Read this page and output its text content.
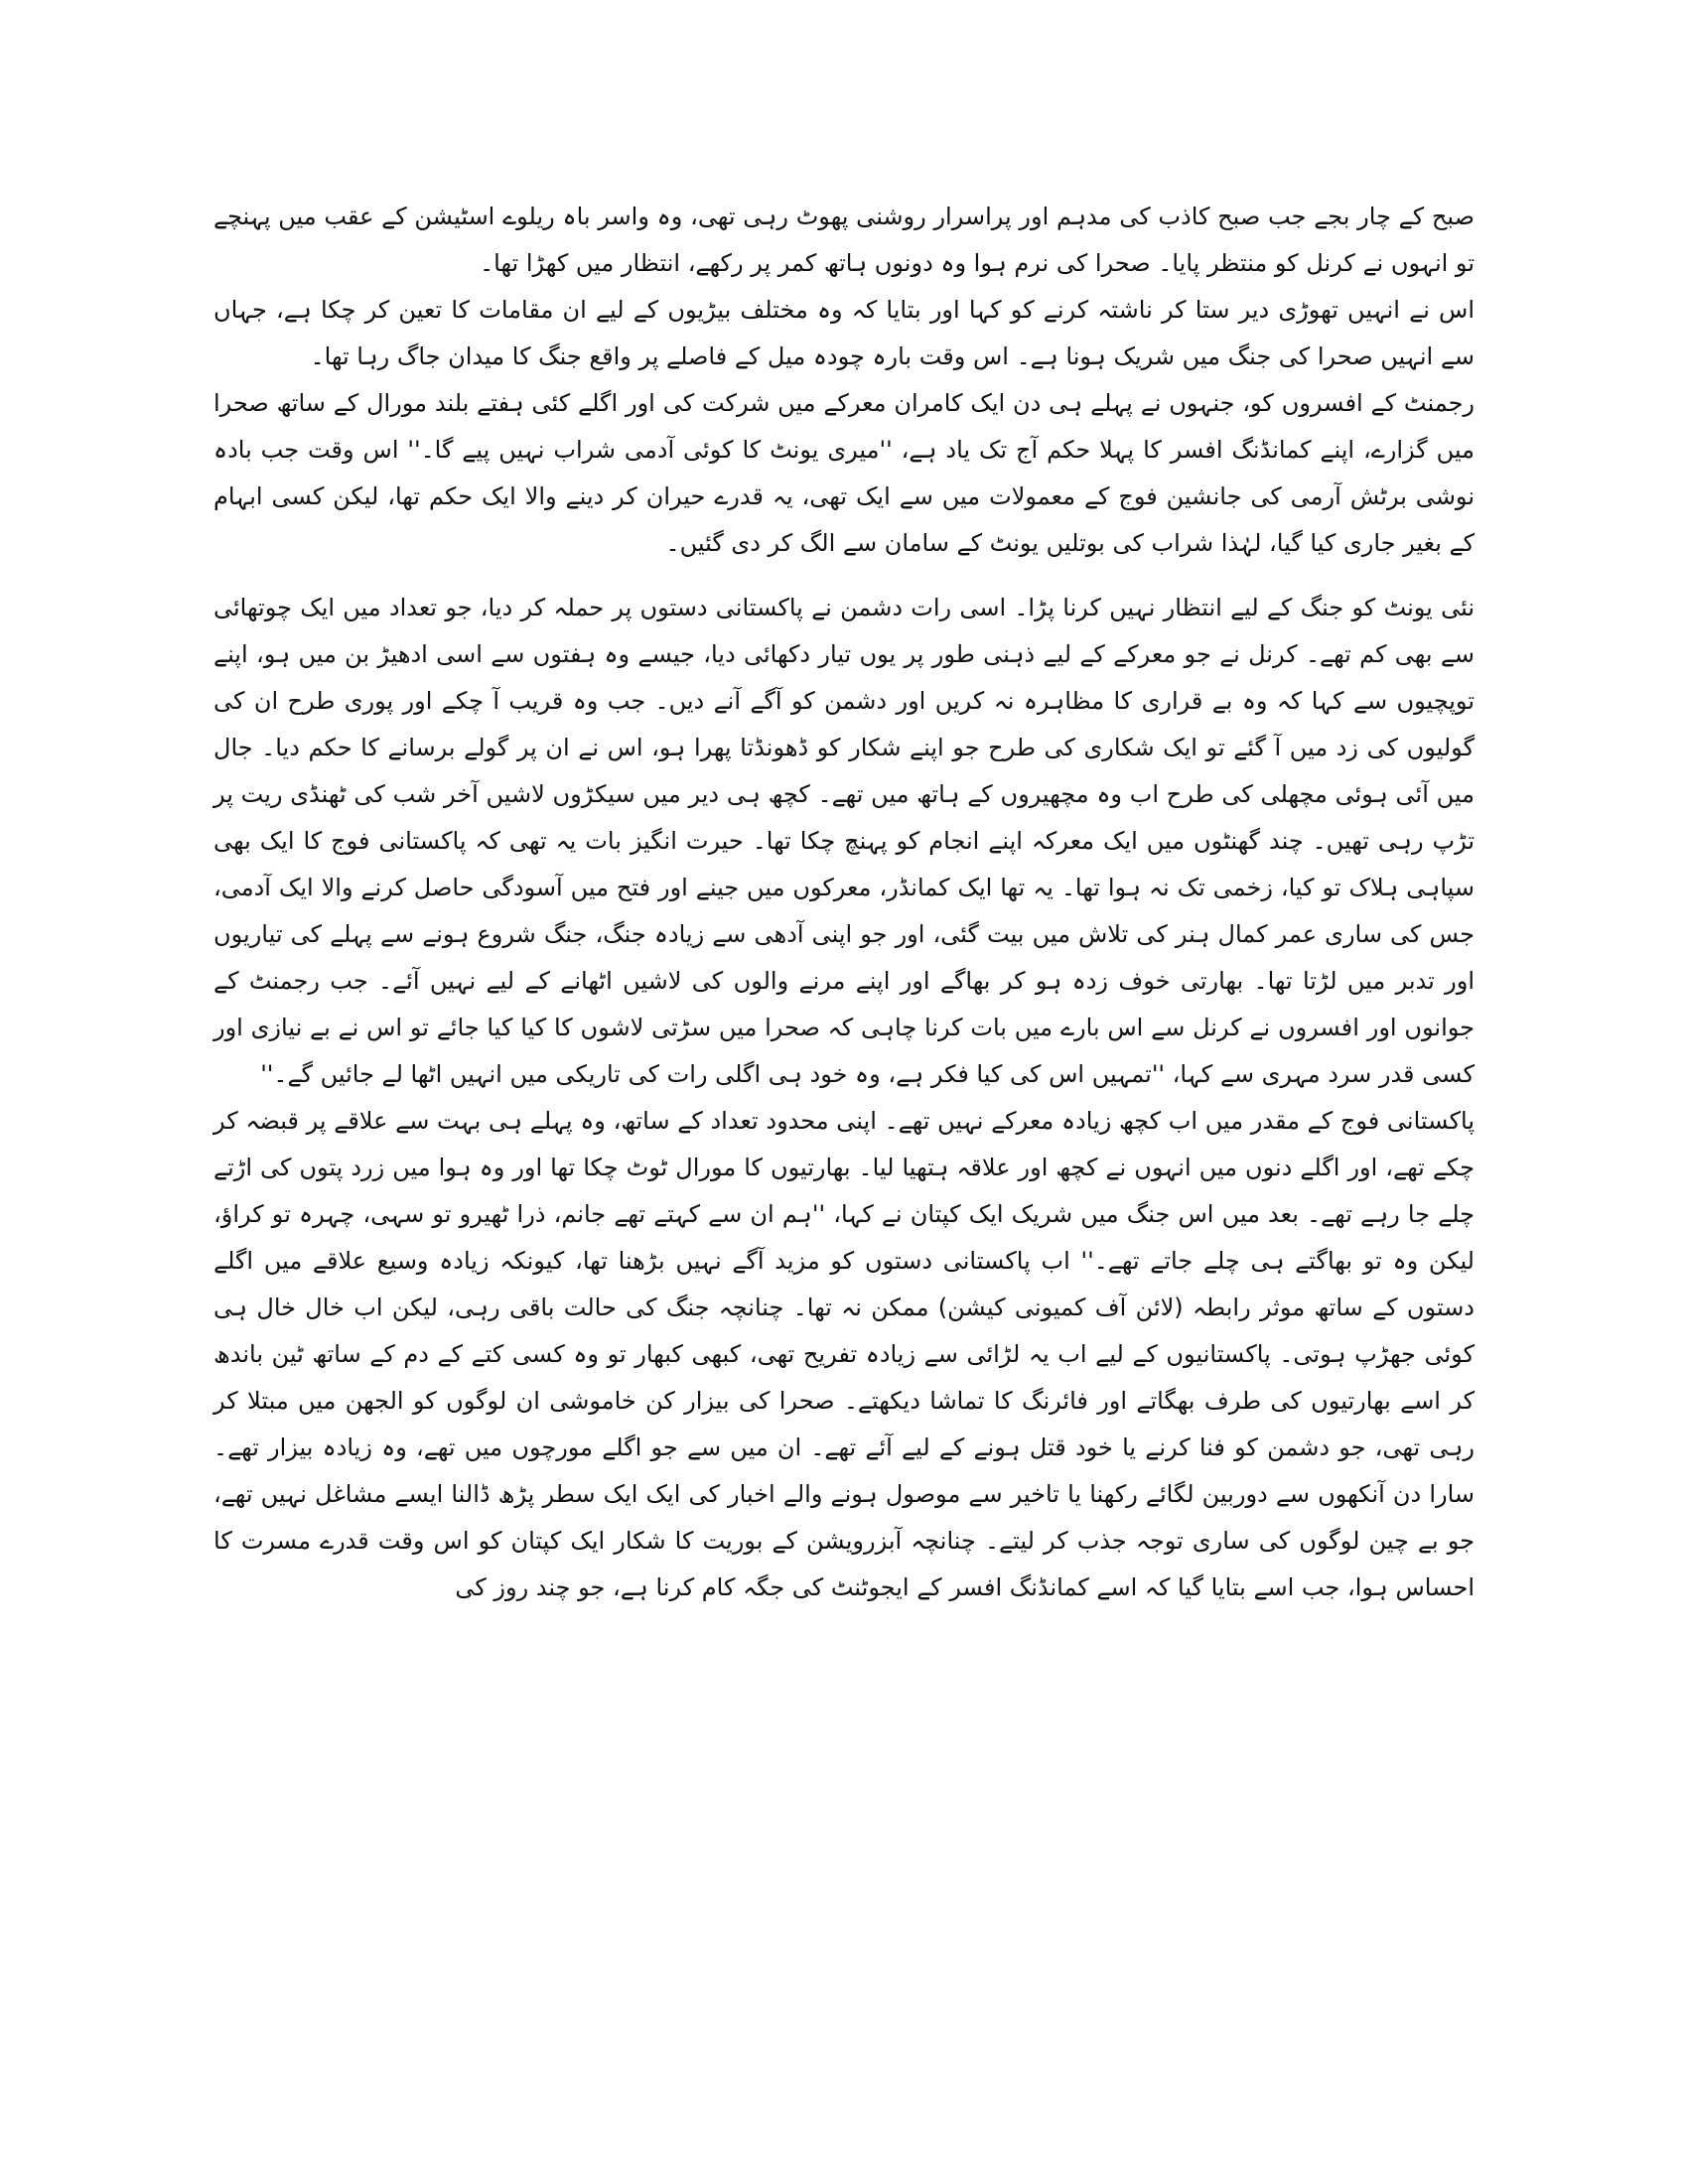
صبح کے چار بجے جب صبح کاذب کی مدہم اور پراسرار روشنی پھوٹ رہی تھی، وہ واسر باہ ریلوے اسٹیشن کے عقب میں پہنچے تو انہوں نے کرنل کو منتظر پایا۔ صحرا کی نرم ہوا وہ دونوں ہاتھ کمر پر رکھے، انتظار میں کھڑا تھا۔

اس نے انہیں تھوڑی دیر ستا کر ناشتہ کرنے کو کہا اور بتایا کہ وہ مختلف بیڑیوں کے لیے ان مقامات کا تعین کر چکا ہے، جہاں سے انہیں صحرا کی جنگ میں شریک ہونا ہے۔ اس وقت بارہ چودہ میل کے فاصلے پر واقع جنگ کا میدان جاگ رہا تھا۔

رجمنٹ کے افسروں کو، جنہوں نے پہلے ہی دن ایک کامران معرکے میں شرکت کی اور اگلے کئی ہفتے بلند مورال کے ساتھ صحرا میں گزارے، اپنے کمانڈنگ افسر کا پہلا حکم آج تک یاد ہے، ''میری یونٹ کا کوئی آدمی شراب نہیں پیے گا۔'' اس وقت جب بادہ نوشی برٹش آرمی کی جانشین فوج کے معمولات میں سے ایک تھی، یہ قدرے حیران کر دینے والا ایک حکم تھا، لیکن کسی ابہام کے بغیر جاری کیا گیا، لہٰذا شراب کی بوتلیں یونٹ کے سامان سے الگ کر دی گئیں۔

نئی یونٹ کو جنگ کے لیے انتظار نہیں کرنا پڑا۔ اسی رات دشمن نے پاکستانی دستوں پر حملہ کر دیا، جو تعداد میں ایک چوتھائی سے بھی کم تھے۔ کرنل نے جو معرکے کے لیے ذہنی طور پر یوں تیار دکھائی دیا، جیسے وہ ہفتوں سے اسی ادھیڑ بن میں ہو، اپنے توپچیوں سے کہا کہ وہ بے قراری کا مظاہرہ نہ کریں اور دشمن کو آگے آنے دیں۔ جب وہ قریب آ چکے اور پوری طرح ان کی گولیوں کی زد میں آ گئے تو ایک شکاری کی طرح جو اپنے شکار کو ڈھونڈتا پھرا ہو، اس نے ان پر گولے برسانے کا حکم دیا۔ جال میں آئی ہوئی مچھلی کی طرح اب وہ مچھیروں کے ہاتھ میں تھے۔ کچھ ہی دیر میں سیکڑوں لاشیں آخر شب کی ٹھنڈی ریت پر تڑپ رہی تھیں۔ چند گھنٹوں میں ایک معرکہ اپنے انجام کو پہنچ چکا تھا۔ حیرت انگیز بات یہ تھی کہ پاکستانی فوج کا ایک بھی سپاہی ہلاک تو کیا، زخمی تک نہ ہوا تھا۔ یہ تھا ایک کمانڈر، معرکوں میں جینے اور فتح میں آسودگی حاصل کرنے والا ایک آدمی، جس کی ساری عمر کمال ہنر کی تلاش میں بیت گئی، اور جو اپنی آدھی سے زیادہ جنگ، جنگ شروع ہونے سے پہلے کی تیاریوں اور تدبر میں لڑتا تھا۔ بھارتی خوف زدہ ہو کر بھاگے اور اپنے مرنے والوں کی لاشیں اٹھانے کے لیے نہیں آئے۔ جب رجمنٹ کے جوانوں اور افسروں نے کرنل سے اس بارے میں بات کرنا چاہی کہ صحرا میں سڑتی لاشوں کا کیا کیا جائے تو اس نے بے نیازی اور کسی قدر سرد مہری سے کہا، ''تمہیں اس کی کیا فکر ہے، وہ خود ہی اگلی رات کی تاریکی میں انہیں اٹھا لے جائیں گے۔''

پاکستانی فوج کے مقدر میں اب کچھ زیادہ معرکے نہیں تھے۔ اپنی محدود تعداد کے ساتھ، وہ پہلے ہی بہت سے علاقے پر قبضہ کر چکے تھے، اور اگلے دنوں میں انہوں نے کچھ اور علاقہ ہتھیا لیا۔ بھارتیوں کا مورال ٹوٹ چکا تھا اور وہ ہوا میں زرد پتوں کی اڑتے چلے جا رہے تھے۔ بعد میں اس جنگ میں شریک ایک کپتان نے کہا، ''ہم ان سے کہتے تھے جانم، ذرا ٹھیرو تو سہی، چہرہ تو کراؤ، لیکن وہ تو بھاگتے ہی چلے جاتے تھے۔'' اب پاکستانی دستوں کو مزید آگے نہیں بڑھنا تھا، کیونکہ زیادہ وسیع علاقے میں اگلے دستوں کے ساتھ موثر رابطہ (لائن آف کمیونی کیشن) ممکن نہ تھا۔ چنانچہ جنگ کی حالت باقی رہی، لیکن اب خال خال ہی کوئی جھڑپ ہوتی۔ پاکستانیوں کے لیے اب یہ لڑائی سے زیادہ تفریح تھی، کبھی کبھار تو وہ کسی کتے کے دم کے ساتھ ٹین باندھ کر اسے بھارتیوں کی طرف بھگاتے اور فائرنگ کا تماشا دیکھتے۔ صحرا کی بیزار کن خاموشی ان لوگوں کو الجھن میں مبتلا کر رہی تھی، جو دشمن کو فنا کرنے یا خود قتل ہونے کے لیے آئے تھے۔ ان میں سے جو اگلے مورچوں میں تھے، وہ زیادہ بیزار تھے۔ سارا دن آنکھوں سے دوربین لگائے رکھنا یا تاخیر سے موصول ہونے والے اخبار کی ایک ایک سطر پڑھ ڈالنا ایسے مشاغل نہیں تھے، جو بے چین لوگوں کی ساری توجہ جذب کر لیتے۔ چنانچہ آبزرویشن کے بوریت کا شکار ایک کپتان کو اس وقت قدرے مسرت کا احساس ہوا، جب اسے بتایا گیا کہ اسے کمانڈنگ افسر کے ایجوٹنٹ کی جگہ کام کرنا ہے، جو چند روز کی
